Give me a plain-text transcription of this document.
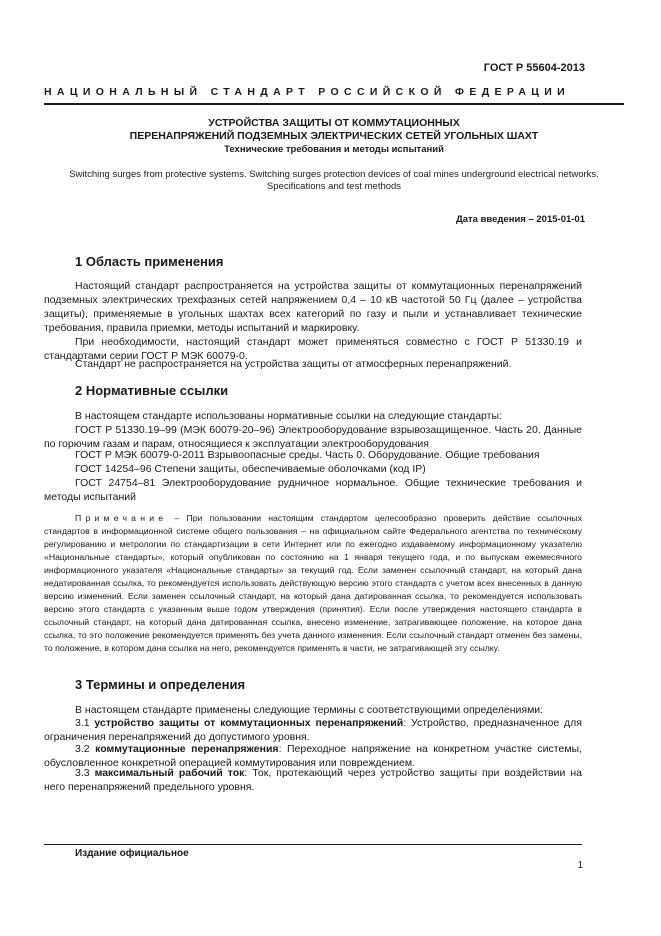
ГОСТ Р 55604-2013
НАЦИОНАЛЬНЫЙ СТАНДАРТ РОССИЙСКОЙ ФЕДЕРАЦИИ
УСТРОЙСТВА ЗАЩИТЫ ОТ КОММУТАЦИОННЫХ
ПЕРЕНАПРЯЖЕНИЙ ПОДЗЕМНЫХ ЭЛЕКТРИЧЕСКИХ СЕТЕЙ УГОЛЬНЫХ ШАХТ
Технические требования и методы испытаний
Switching surges from protective systems. Switching surges protection devices of coal mines underground electrical networks. Specifications and test methods
Дата введения – 2015-01-01
1 Область применения
Настоящий стандарт распространяется на устройства защиты от коммутационных перенапряжений подземных электрических трехфазных сетей напряжением 0,4 – 10 кВ частотой 50 Гц (далее – устройства защиты), применяемые в угольных шахтах всех категорий по газу и пыли и устанавливает технические требования, правила приемки, методы испытаний и маркировку.
При необходимости, настоящий стандарт может применяться совместно с ГОСТ Р 51330.19 и стандартами серии ГОСТ Р МЭК 60079-0.
Стандарт не распространяется на устройства защиты от атмосферных перенапряжений.
2 Нормативные ссылки
В настоящем стандарте использованы нормативные ссылки на следующие стандарты:
ГОСТ Р 51330.19–99 (МЭК 60079-20–96) Электрооборудование взрывозащищенное. Часть 20. Данные по горючим газам и парам, относящиеся к эксплуатации электрооборудования
ГОСТ Р МЭК 60079-0-2011 Взрывоопасные среды. Часть 0. Оборудование. Общие требования
ГОСТ 14254–96 Степени защиты, обеспечиваемые оболочками (код IP)
ГОСТ 24754–81 Электрооборудование рудничное нормальное. Общие технические требования и методы испытаний
Примечание – При пользовании настоящим стандартом целесообразно проверить действие ссылочных стандартов в информационной системе общего пользования – на официальном сайте Федерального агентства по техническому регулированию и метрологии по стандартизации в сети Интернет или по ежегодно издаваемому информационному указателю «Национальные стандарты», который опубликован по состоянию на 1 января текущего года, и по выпускам ежемесячного информационного указателя «Национальные стандарты» за текущий год. Если заменен ссылочный стандарт, на который дана недатированная ссылка, то рекомендуется использовать действующую версию этого стандарта с учетом всех внесенных в данную версию изменений. Если заменен ссылочный стандарт, на который дана датированная ссылка, то рекомендуется использовать версию этого стандарта с указанным выше годом утверждения (принятия). Если после утверждения настоящего стандарта в ссылочный стандарт, на который дана датированная ссылка, внесено изменение, затрагивающее положение, на которое дана ссылка, то это положение рекомендуется применять без учета данного изменения. Если ссылочный стандарт отменен без замены, то положение, в котором дана ссылка на него, рекомендуется применять в части, не затрагивающей эту ссылку.
3 Термины и определения
В настоящем стандарте применены следующие термины с соответствующими определениями:
3.1 устройство защиты от коммутационных перенапряжений: Устройство, предназначенное для ограничения перенапряжений до допустимого уровня.
3.2 коммутационные перенапряжения: Переходное напряжение на конкретном участке системы, обусловленное конкретной операцией коммутирования или повреждением.
3.3 максимальный рабочий ток: Ток, протекающий через устройство защиты при воздействии на него перенапряжений предельного уровня.
Издание официальное
1
